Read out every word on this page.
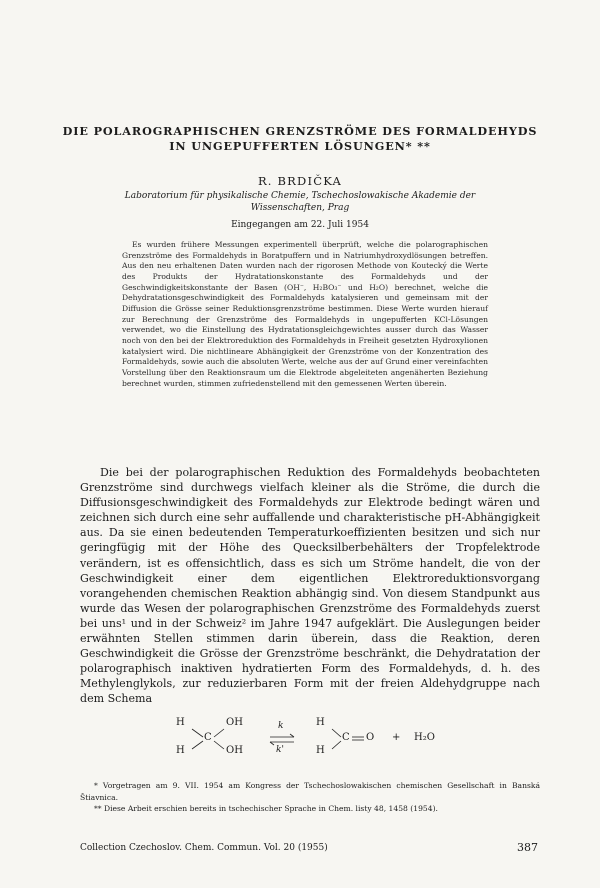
DIE POLAROGRAPHISCHEN GRENZSTRÖME DES FORMALDEHYDS
IN UNGEPUFFERTEN LÖSUNGEN* **
R. BRDIČKA
Laboratorium für physikalische Chemie, Tschechoslowakische Akademie der Wissenschaften, Prag
Eingegangen am 22. Juli 1954
Es wurden frühere Messungen experimentell überprüft, welche die polarographischen Grenzströme des Formaldehyds in Boratpuffern und in Natriumhydroxydlösungen betreffen. Aus den neu erhaltenen Daten wurden nach der rigorosen Methode von Koutecký die Werte des Produkts der Hydratationskonstante des Formaldehyds und der Geschwindigkeitskonstante der Basen (OH⁻, H₂BO₃⁻ und H₂O) berechnet, welche die Dehydratationsgeschwindigkeit des Formaldehyds katalysieren und gemeinsam mit der Diffusion die Grösse seiner Reduktionsgrenzströme bestimmen. Diese Werte wurden hierauf zur Berechnung der Grenzströme des Formaldehyds in ungepufferten KCl-Lösungen verwendet, wo die Einstellung des Hydratationsgleichgewichtes ausser durch das Wasser noch von den bei der Elektroreduktion des Formaldehyds in Freiheit gesetzten Hydroxylionen katalysiert wird. Die nichtlineare Abhängigkeit der Grenzströme von der Konzentration des Formaldehyds, sowie auch die absoluten Werte, welche aus der auf Grund einer vereinfachten Vorstellung über den Reaktionsraum um die Elektrode abgeleiteten angenäherten Beziehung berechnet wurden, stimmen zufriedenstellend mit den gemessenen Werten überein.
Die bei der polarographischen Reduktion des Formaldehyds beobachteten Grenzströme sind durchwegs vielfach kleiner als die Ströme, die durch die Diffusionsgeschwindigkeit des Formaldehyds zur Elektrode bedingt wären und zeichnen sich durch eine sehr auffallende und charakteristische pH-Abhängigkeit aus. Da sie einen bedeutenden Temperaturkoeffizienten besitzen und sich nur geringfügig mit der Höhe des Quecksilberbehälters der Tropfelektrode verändern, ist es offensichtlich, dass es sich um Ströme handelt, die von der Geschwindigkeit einer dem eigentlichen Elektroreduktionsvorgang vorangehenden chemischen Reaktion abhängig sind. Von diesem Standpunkt aus wurde das Wesen der polarographischen Grenzströme des Formaldehyds zuerst bei uns¹ und in der Schweiz² im Jahre 1947 aufgeklärt. Die Auslegungen beider erwähnten Stellen stimmen darin überein, dass die Reaktion, deren Geschwindigkeit die Grösse der Grenzströme beschränkt, die Dehydratation der polarographisch inaktiven hydratierten Form des Formaldehyds, d. h. des Methylenglykols, zur reduzierbaren Form mit der freien Aldehydgruppe nach dem Schema
H
H
C
OH
OH
k
k'
H
H
C O + H₂O

* Vorgetragen am 9. VII. 1954 am Kongress der Tschechoslowakischen chemischen Gesellschaft in Banská Štiavnica.

** Diese Arbeit erschien bereits in tschechischer Sprache in Chem. listy 48, 1458 (1954).

Collection Czechoslov. Chem. Commun. Vol. 20 (1955)	387
